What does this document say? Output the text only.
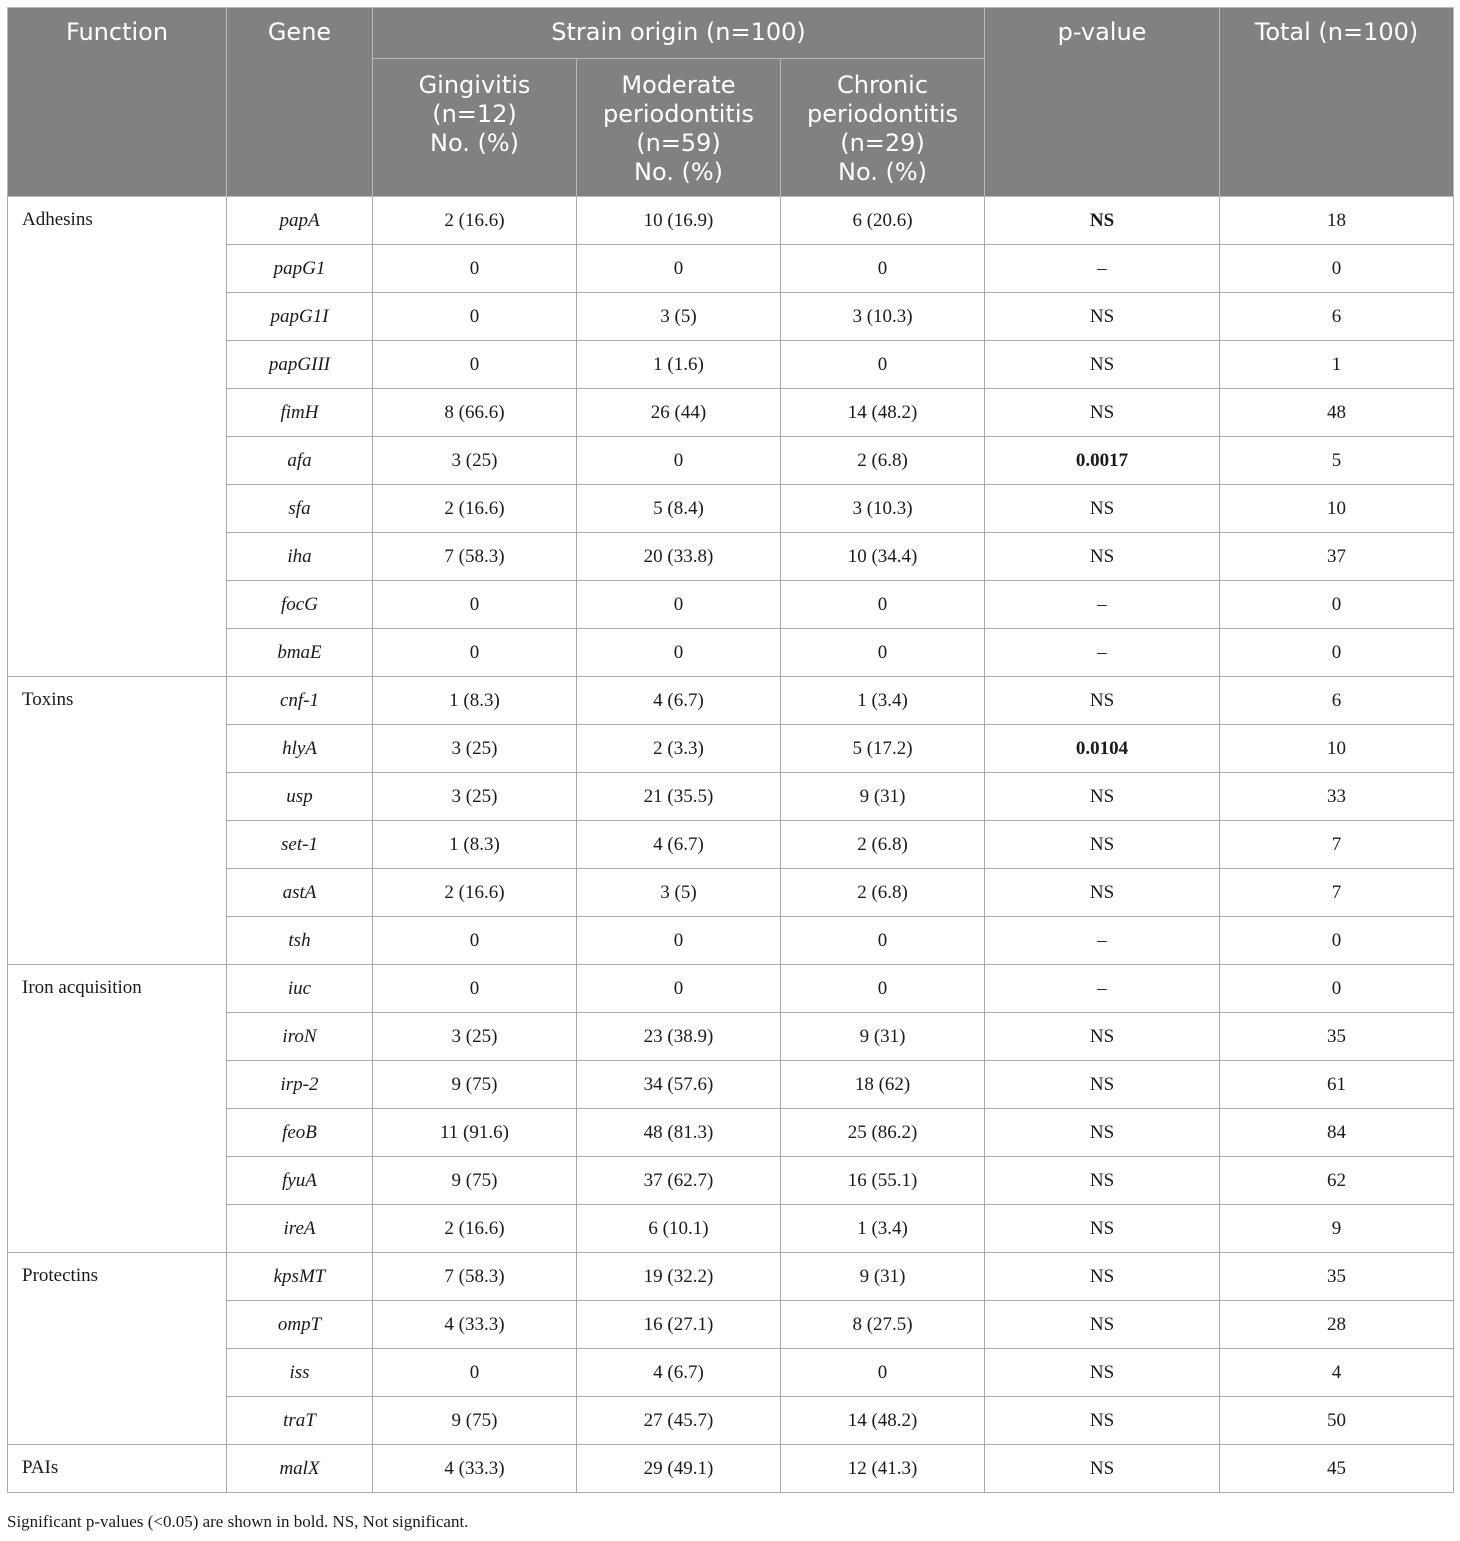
Function	Gene	Strain origin (n=100)			p-value	Total (n=100)
		Gingivitis
(n=12)
No. (%)	Moderate
periodontitis
(n=59)
No. (%)	Chronic
periodontitis
(n=29)
No. (%)		
Adhesins	papA	2 (16.6)	10 (16.9)	6 (20.6)	NS	18
	papG1	0	0	0	–	0
	papG1I	0	3 (5)	3 (10.3)	NS	6
	papGIII	0	1 (1.6)	0	NS	1
	fimH	8 (66.6)	26 (44)	14 (48.2)	NS	48
	afa	3 (25)	0	2 (6.8)	0.0017	5
	sfa	2 (16.6)	5 (8.4)	3 (10.3)	NS	10
	iha	7 (58.3)	20 (33.8)	10 (34.4)	NS	37
	focG	0	0	0	–	0
	bmaE	0	0	0	–	0
Toxins	cnf-1	1 (8.3)	4 (6.7)	1 (3.4)	NS	6
	hlyA	3 (25)	2 (3.3)	5 (17.2)	0.0104	10
	usp	3 (25)	21 (35.5)	9 (31)	NS	33
	set-1	1 (8.3)	4 (6.7)	2 (6.8)	NS	7
	astA	2 (16.6)	3 (5)	2 (6.8)	NS	7
	tsh	0	0	0	–	0
Iron acquisition	iuc	0	0	0	–	0
	iroN	3 (25)	23 (38.9)	9 (31)	NS	35
	irp-2	9 (75)	34 (57.6)	18 (62)	NS	61
	feoB	11 (91.6)	48 (81.3)	25 (86.2)	NS	84
	fyuA	9 (75)	37 (62.7)	16 (55.1)	NS	62
	ireA	2 (16.6)	6 (10.1)	1 (3.4)	NS	9
Protectins	kpsMT	7 (58.3)	19 (32.2)	9 (31)	NS	35
	ompT	4 (33.3)	16 (27.1)	8 (27.5)	NS	28
	iss	0	4 (6.7)	0	NS	4
	traT	9 (75)	27 (45.7)	14 (48.2)	NS	50
PAIs	malX	4 (33.3)	29 (49.1)	12 (41.3)	NS	45
Significant p-values (<0.05) are shown in bold. NS, Not significant.
